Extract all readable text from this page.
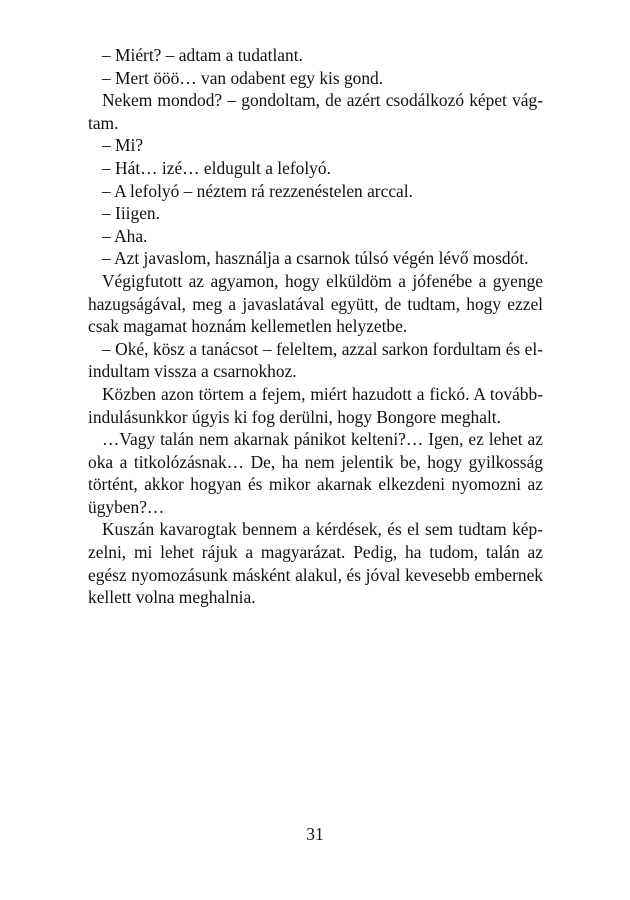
– Miért? – adtam a tudatlant.

– Mert ööö… van odabent egy kis gond.

Nekem mondod? – gondoltam, de azért csodálkozó képet vágtam.

– Mi?

– Hát… izé… eldugult a lefolyó.

– A lefolyó – néztem rá rezzenéstelen arccal.

– Iiigen.

– Aha.

– Azt javaslom, használja a csarnok túlsó végén lévő mosdót.

Végigfutott az agyamon, hogy elküldöm a jófenébe a gyenge hazugságával, meg a javaslatával együtt, de tudtam, hogy ezzel csak magamat hoznám kellemetlen helyzetbe.

– Oké, kösz a tanácsot – feleltem, azzal sarkon fordultam és elindultam vissza a csarnokhoz.

Közben azon törtem a fejem, miért hazudott a fickó. A továbbindulásunkkor úgyis ki fog derülni, hogy Bongore meghalt.

…Vagy talán nem akarnak pánikot kelteni?… Igen, ez lehet az oka a titkolózásnak… De, ha nem jelentik be, hogy gyilkosság történt, akkor hogyan és mikor akarnak elkezdeni nyomozni az ügyben?…

Kuszán kavarogtak bennem a kérdések, és el sem tudtam képzelni, mi lehet rájuk a magyarázat. Pedig, ha tudom, talán az egész nyomozásunk másként alakul, és jóval kevesebb embernek kellett volna meghalnia.

31
